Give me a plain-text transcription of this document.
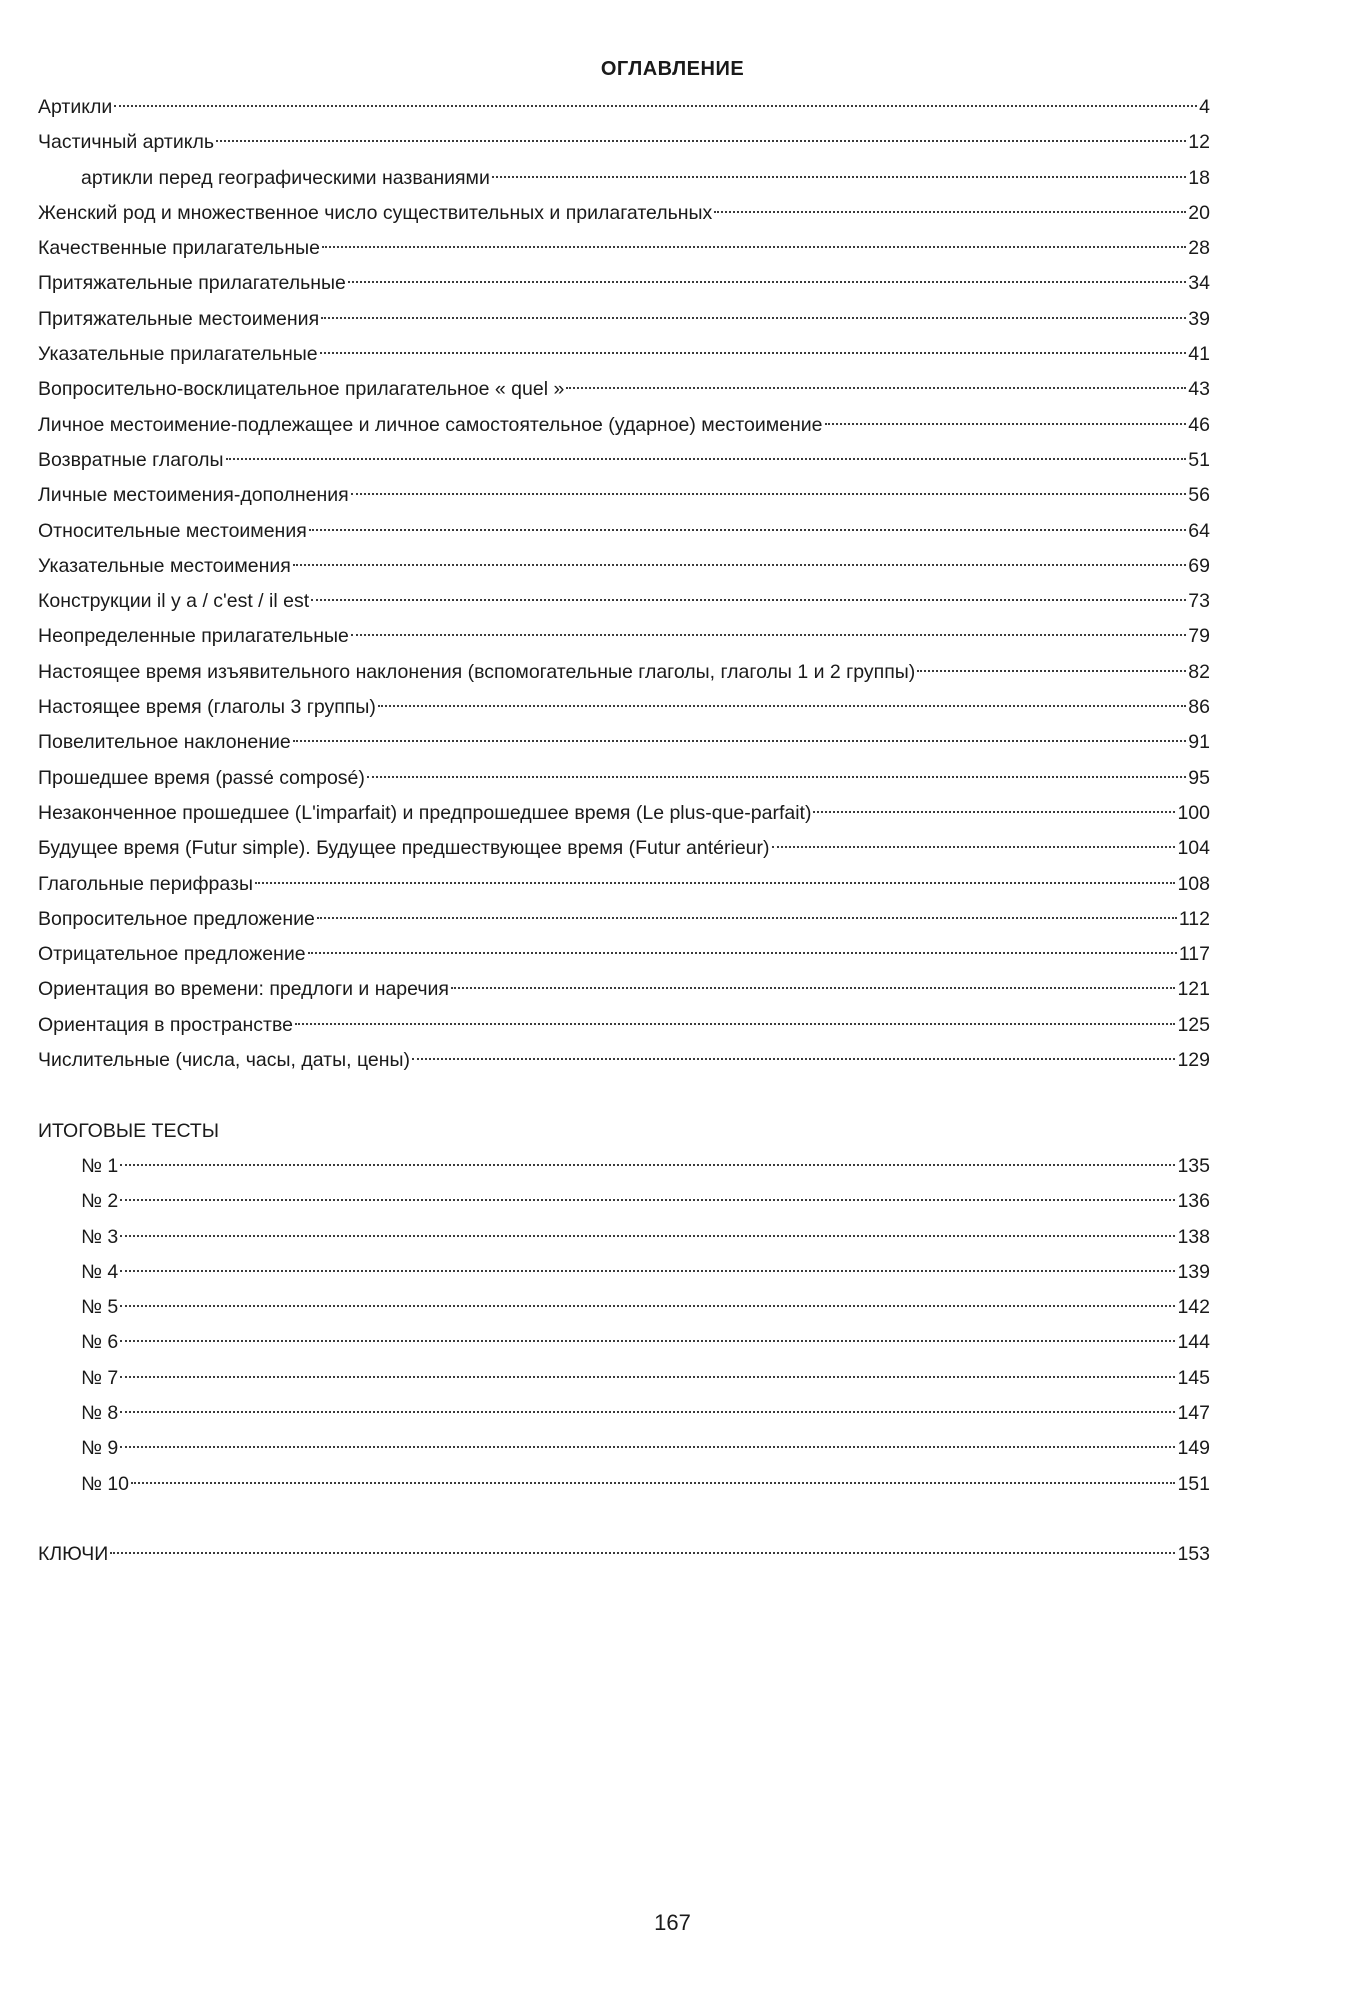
ОГЛАВЛЕНИЕ
Артикли	4
Частичный артикль	12
артикли перед географическими названиями	18
Женский род и множественное число существительных и прилагательных	20
Качественные прилагательные	28
Притяжательные прилагательные	34
Притяжательные местоимения	39
Указательные прилагательные	41
Вопросительно-восклицательное прилагательное « quel »	43
Личное местоимение-подлежащее и личное самостоятельное (ударное) местоимение	46
Возвратные глаголы	51
Личные местоимения-дополнения	56
Относительные местоимения	64
Указательные местоимения	69
Конструкции il y a / c'est / il est	73
Неопределенные прилагательные	79
Настоящее время изъявительного наклонения (вспомогательные глаголы, глаголы 1 и 2 группы)	82
Настоящее время (глаголы 3 группы)	86
Повелительное наклонение	91
Прошедшее время (passé composé)	95
Незаконченное прошедшее (L'imparfait) и предпрошедшее время (Le plus-que-parfait)	100
Будущее время (Futur simple). Будущее предшествующее время (Futur antérieur)	104
Глагольные перифразы	108
Вопросительное предложение	112
Отрицательное предложение	117
Ориентация во времени: предлоги и наречия	121
Ориентация в пространстве	125
Числительные (числа, часы, даты, цены)	129
ИТОГОВЫЕ ТЕСТЫ
№ 1	135
№ 2	136
№ 3	138
№ 4	139
№ 5	142
№ 6	144
№ 7	145
№ 8	147
№ 9	149
№ 10	151
КЛЮЧИ	153
167
